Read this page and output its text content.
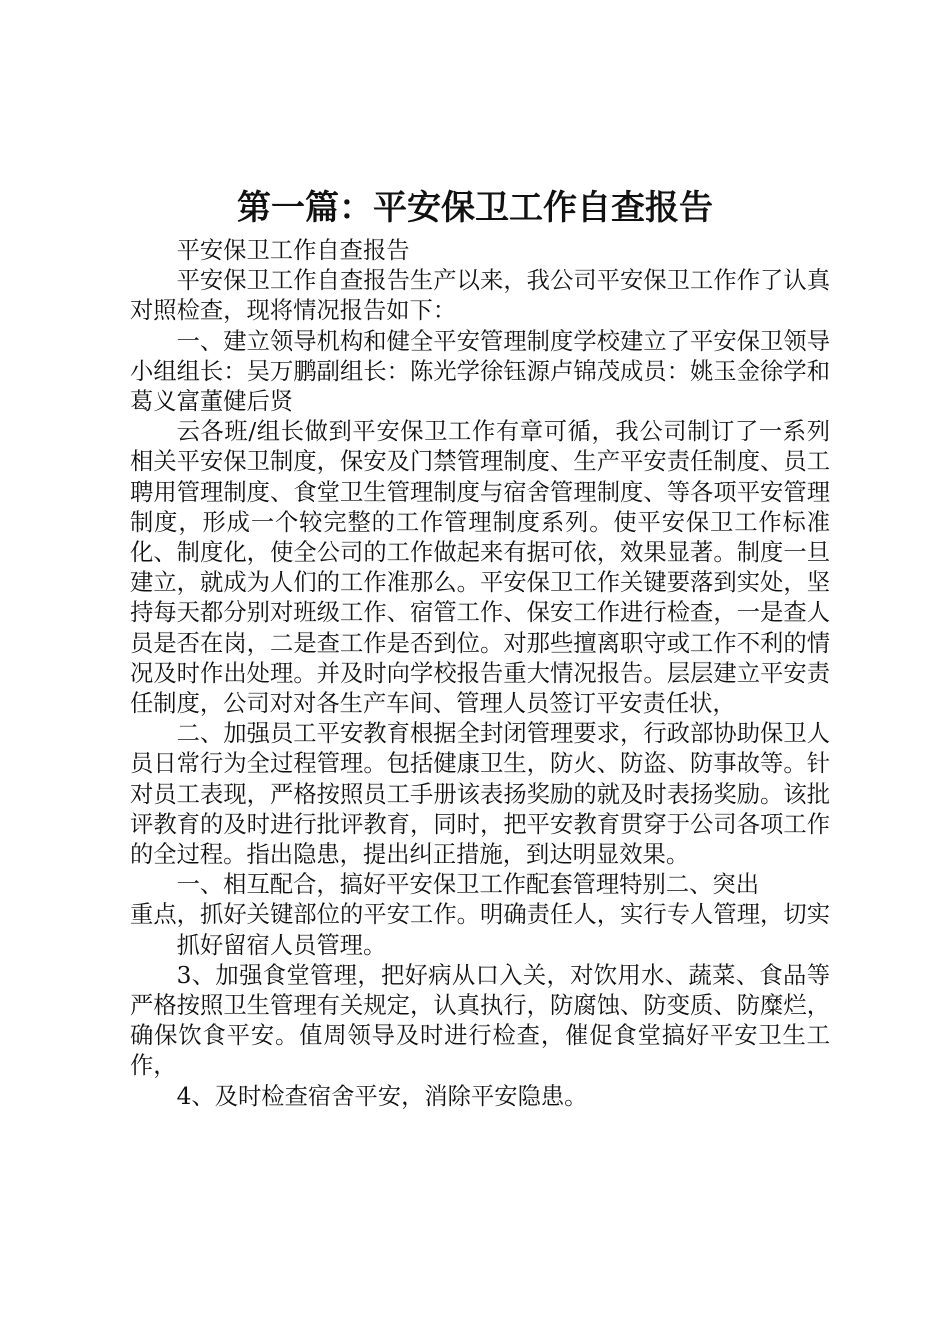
第一篇：平安保卫工作自查报告

平安保卫工作自查报告

平安保卫工作自查报告生产以来，我公司平安保卫工作作了认真对照检查，现将情况报告如下：

一、建立领导机构和健全平安管理制度学校建立了平安保卫领导小组组长：吴万鹏副组长：陈光学徐钰源卢锦茂成员：姚玉金徐学和葛义富董健后贤

云各班/组长做到平安保卫工作有章可循，我公司制订了一系列相关平安保卫制度，保安及门禁管理制度、生产平安责任制度、员工聘用管理制度、食堂卫生管理制度与宿舍管理制度、等各项平安管理制度，形成一个较完整的工作管理制度系列。使平安保卫工作标准化、制度化，使全公司的工作做起来有据可依，效果显著。制度一旦建立，就成为人们的工作准那么。平安保卫工作关键要落到实处，坚持每天都分别对班级工作、宿管工作、保安工作进行检查，一是查人员是否在岗，二是查工作是否到位。对那些擅离职守或工作不利的情况及时作出处理。并及时向学校报告重大情况报告。层层建立平安责任制度，公司对对各生产车间、管理人员签订平安责任状，

二、加强员工平安教育根据全封闭管理要求，行政部协助保卫人员日常行为全过程管理。包括健康卫生，防火、防盗、防事故等。针对员工表现，严格按照员工手册该表扬奖励的就及时表扬奖励。该批评教育的及时进行批评教育，同时，把平安教育贯穿于公司各项工作的全过程。指出隐患，提出纠正措施，到达明显效果。

一、相互配合，搞好平安保卫工作配套管理特别二、突出

重点，抓好关键部位的平安工作。明确责任人，实行专人管理，切实抓好留宿人员管理。

3、加强食堂管理，把好病从口入关，对饮用水、蔬菜、食品等严格按照卫生管理有关规定，认真执行，防腐蚀、防变质、防糜烂，确保饮食平安。值周领导及时进行检查，催促食堂搞好平安卫生工作，

4、及时检查宿舍平安，消除平安隐患。
